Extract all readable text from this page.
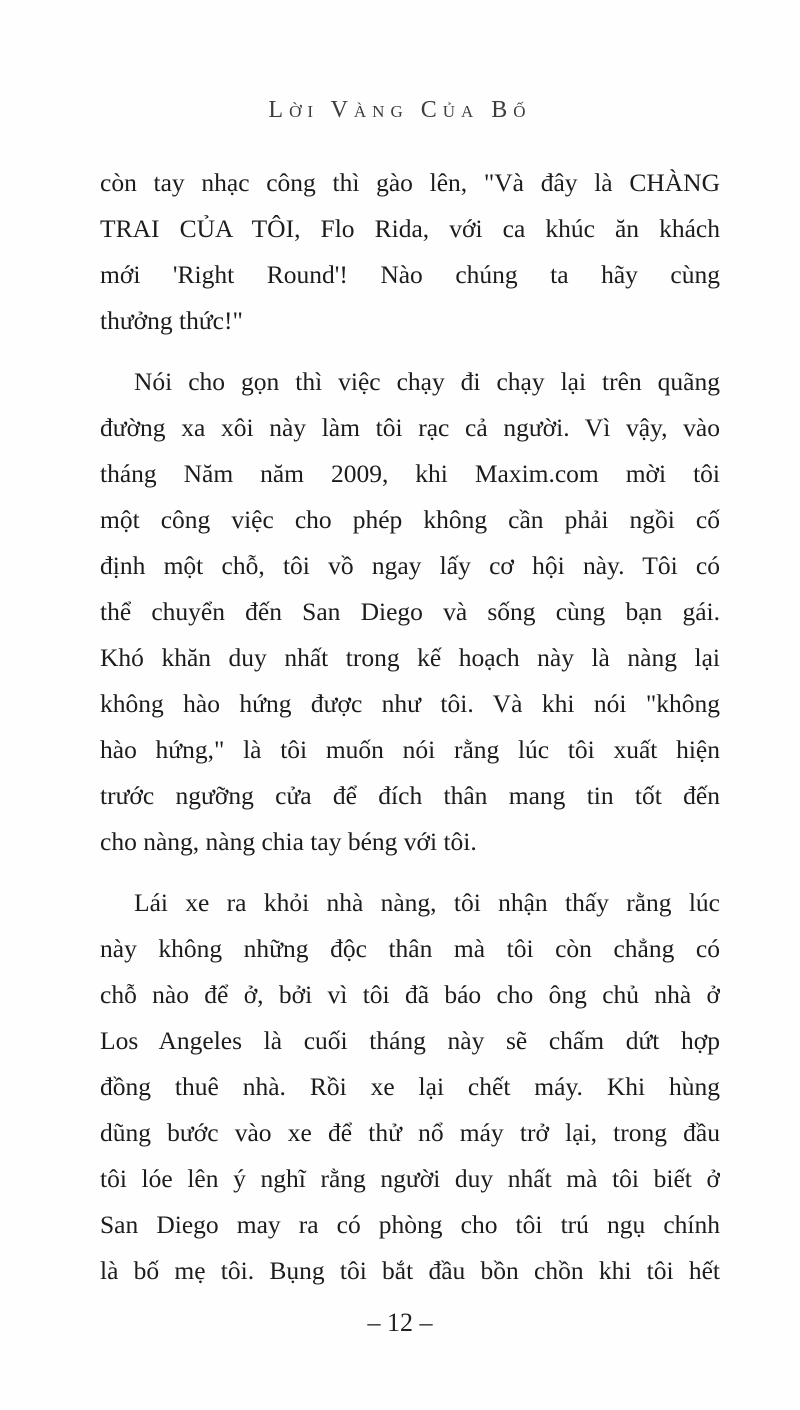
Lời Vàng Của Bố
còn tay nhạc công thì gào lên, "Và đây là CHÀNG
TRAI CỦA TÔI, Flo Rida, với ca khúc ăn khách
mới 'Right Round'! Nào chúng ta hãy cùng
thưởng thức!"
Nói cho gọn thì việc chạy đi chạy lại trên quãng
đường xa xôi này làm tôi rạc cả người. Vì vậy, vào
tháng Năm năm 2009, khi Maxim.com mời tôi
một công việc cho phép không cần phải ngồi cố
định một chỗ, tôi vồ ngay lấy cơ hội này. Tôi có
thể chuyển đến San Diego và sống cùng bạn gái.
Khó khăn duy nhất trong kế hoạch này là nàng lại
không hào hứng được như tôi. Và khi nói "không
hào hứng," là tôi muốn nói rằng lúc tôi xuất hiện
trước ngưỡng cửa để đích thân mang tin tốt đến
cho nàng, nàng chia tay béng với tôi.
Lái xe ra khỏi nhà nàng, tôi nhận thấy rằng lúc
này không những độc thân mà tôi còn chẳng có
chỗ nào để ở, bởi vì tôi đã báo cho ông chủ nhà ở
Los Angeles là cuối tháng này sẽ chấm dứt hợp
đồng thuê nhà. Rồi xe lại chết máy. Khi hùng
dũng bước vào xe để thử nổ máy trở lại, trong đầu
tôi lóe lên ý nghĩ rằng người duy nhất mà tôi biết ở
San Diego may ra có phòng cho tôi trú ngụ chính
là bố mẹ tôi. Bụng tôi bắt đầu bồn chồn khi tôi hết
– 12 –
